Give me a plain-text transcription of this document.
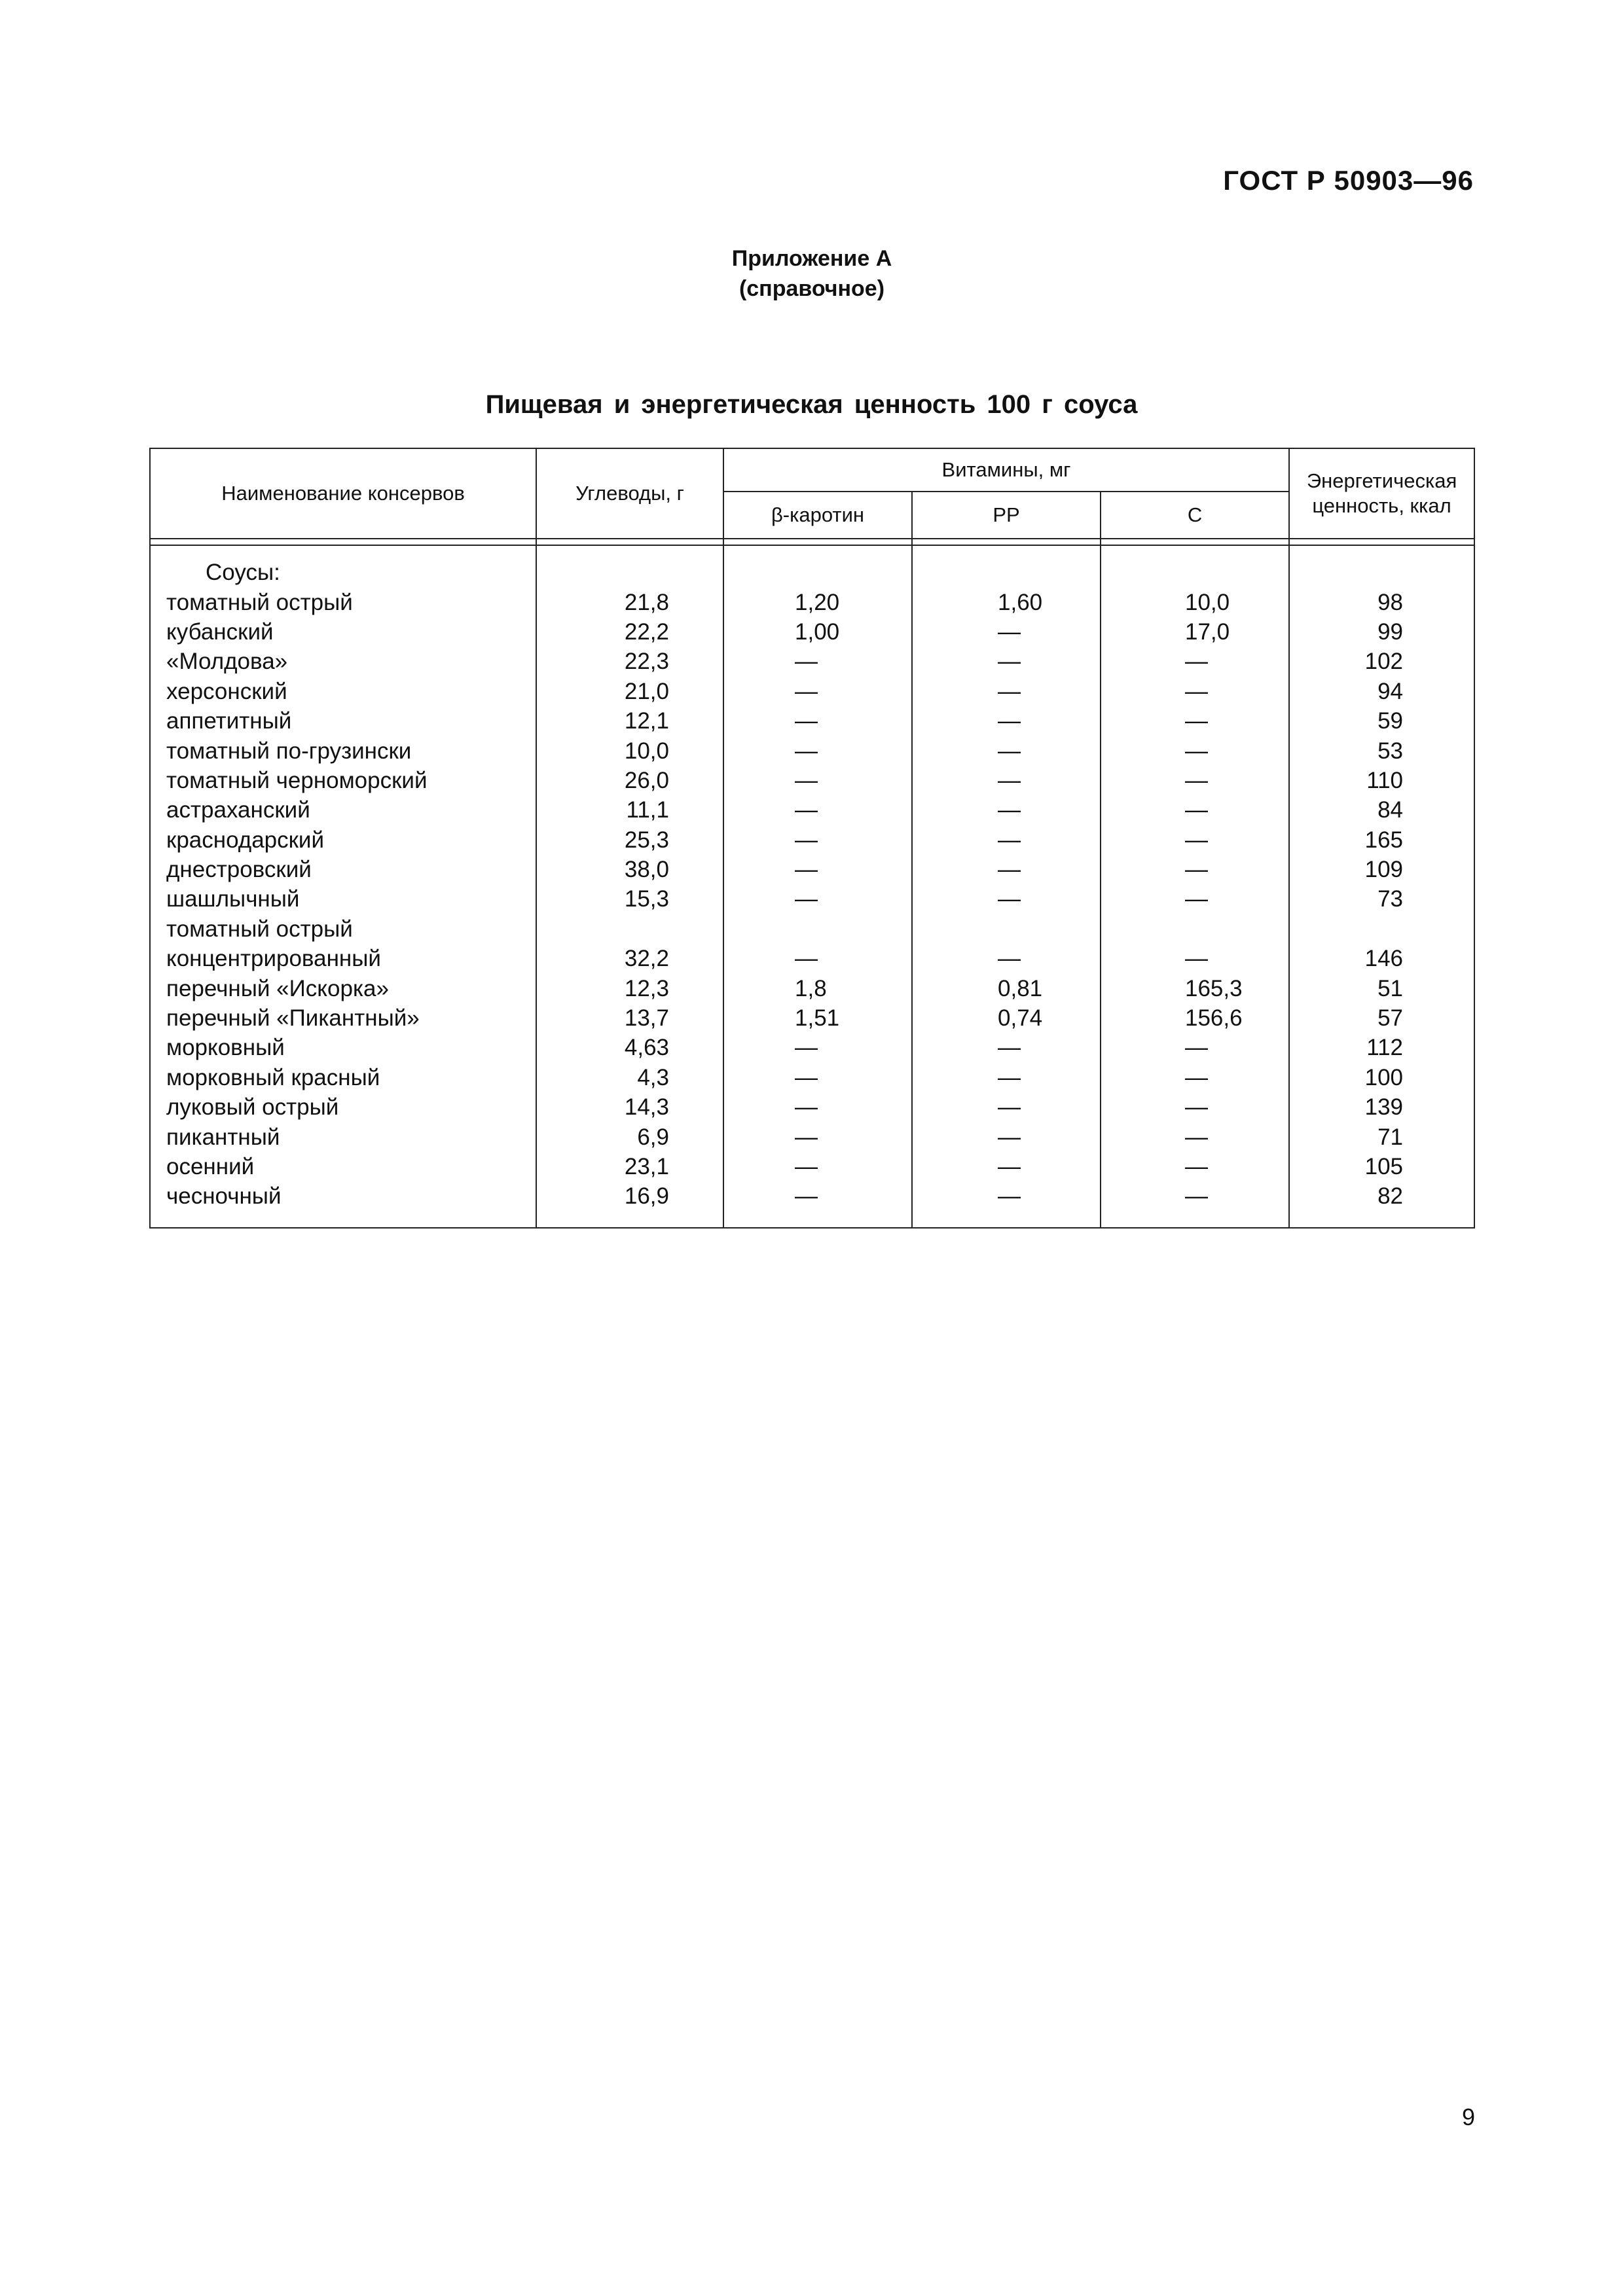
ГОСТ Р 50903—96
Приложение А
(справочное)
Пищевая и энергетическая ценность 100 г соуса
Наименование консервов	Углеводы, г	Витамины, мг			Энергетическая ценность, ккал
		β-каротин	PP	C	

Соусы:					
томатный острый	21,8	1,20	1,60	10,0	98
кубанский	22,2	1,00	—	17,0	99
«Молдова»	22,3	—	—	—	102
херсонский	21,0	—	—	—	94
аппетитный	12,1	—	—	—	59
томатный по-грузински	10,0	—	—	—	53
томатный черноморский	26,0	—	—	—	110
астраханский	11,1	—	—	—	84
краснодарский	25,3	—	—	—	165
днестровский	38,0	—	—	—	109
шашлычный	15,3	—	—	—	73
томатный острый					
концентрированный	32,2	—	—	—	146
перечный «Искорка»	12,3	1,8	0,81	165,3	51
перечный «Пикантный»	13,7	1,51	0,74	156,6	57
морковный	4,63	—	—	—	112
морковный красный	4,3	—	—	—	100
луковый острый	14,3	—	—	—	139
пикантный	6,9	—	—	—	71
осенний	23,1	—	—	—	105
чесночный	16,9	—	—	—	82
9
